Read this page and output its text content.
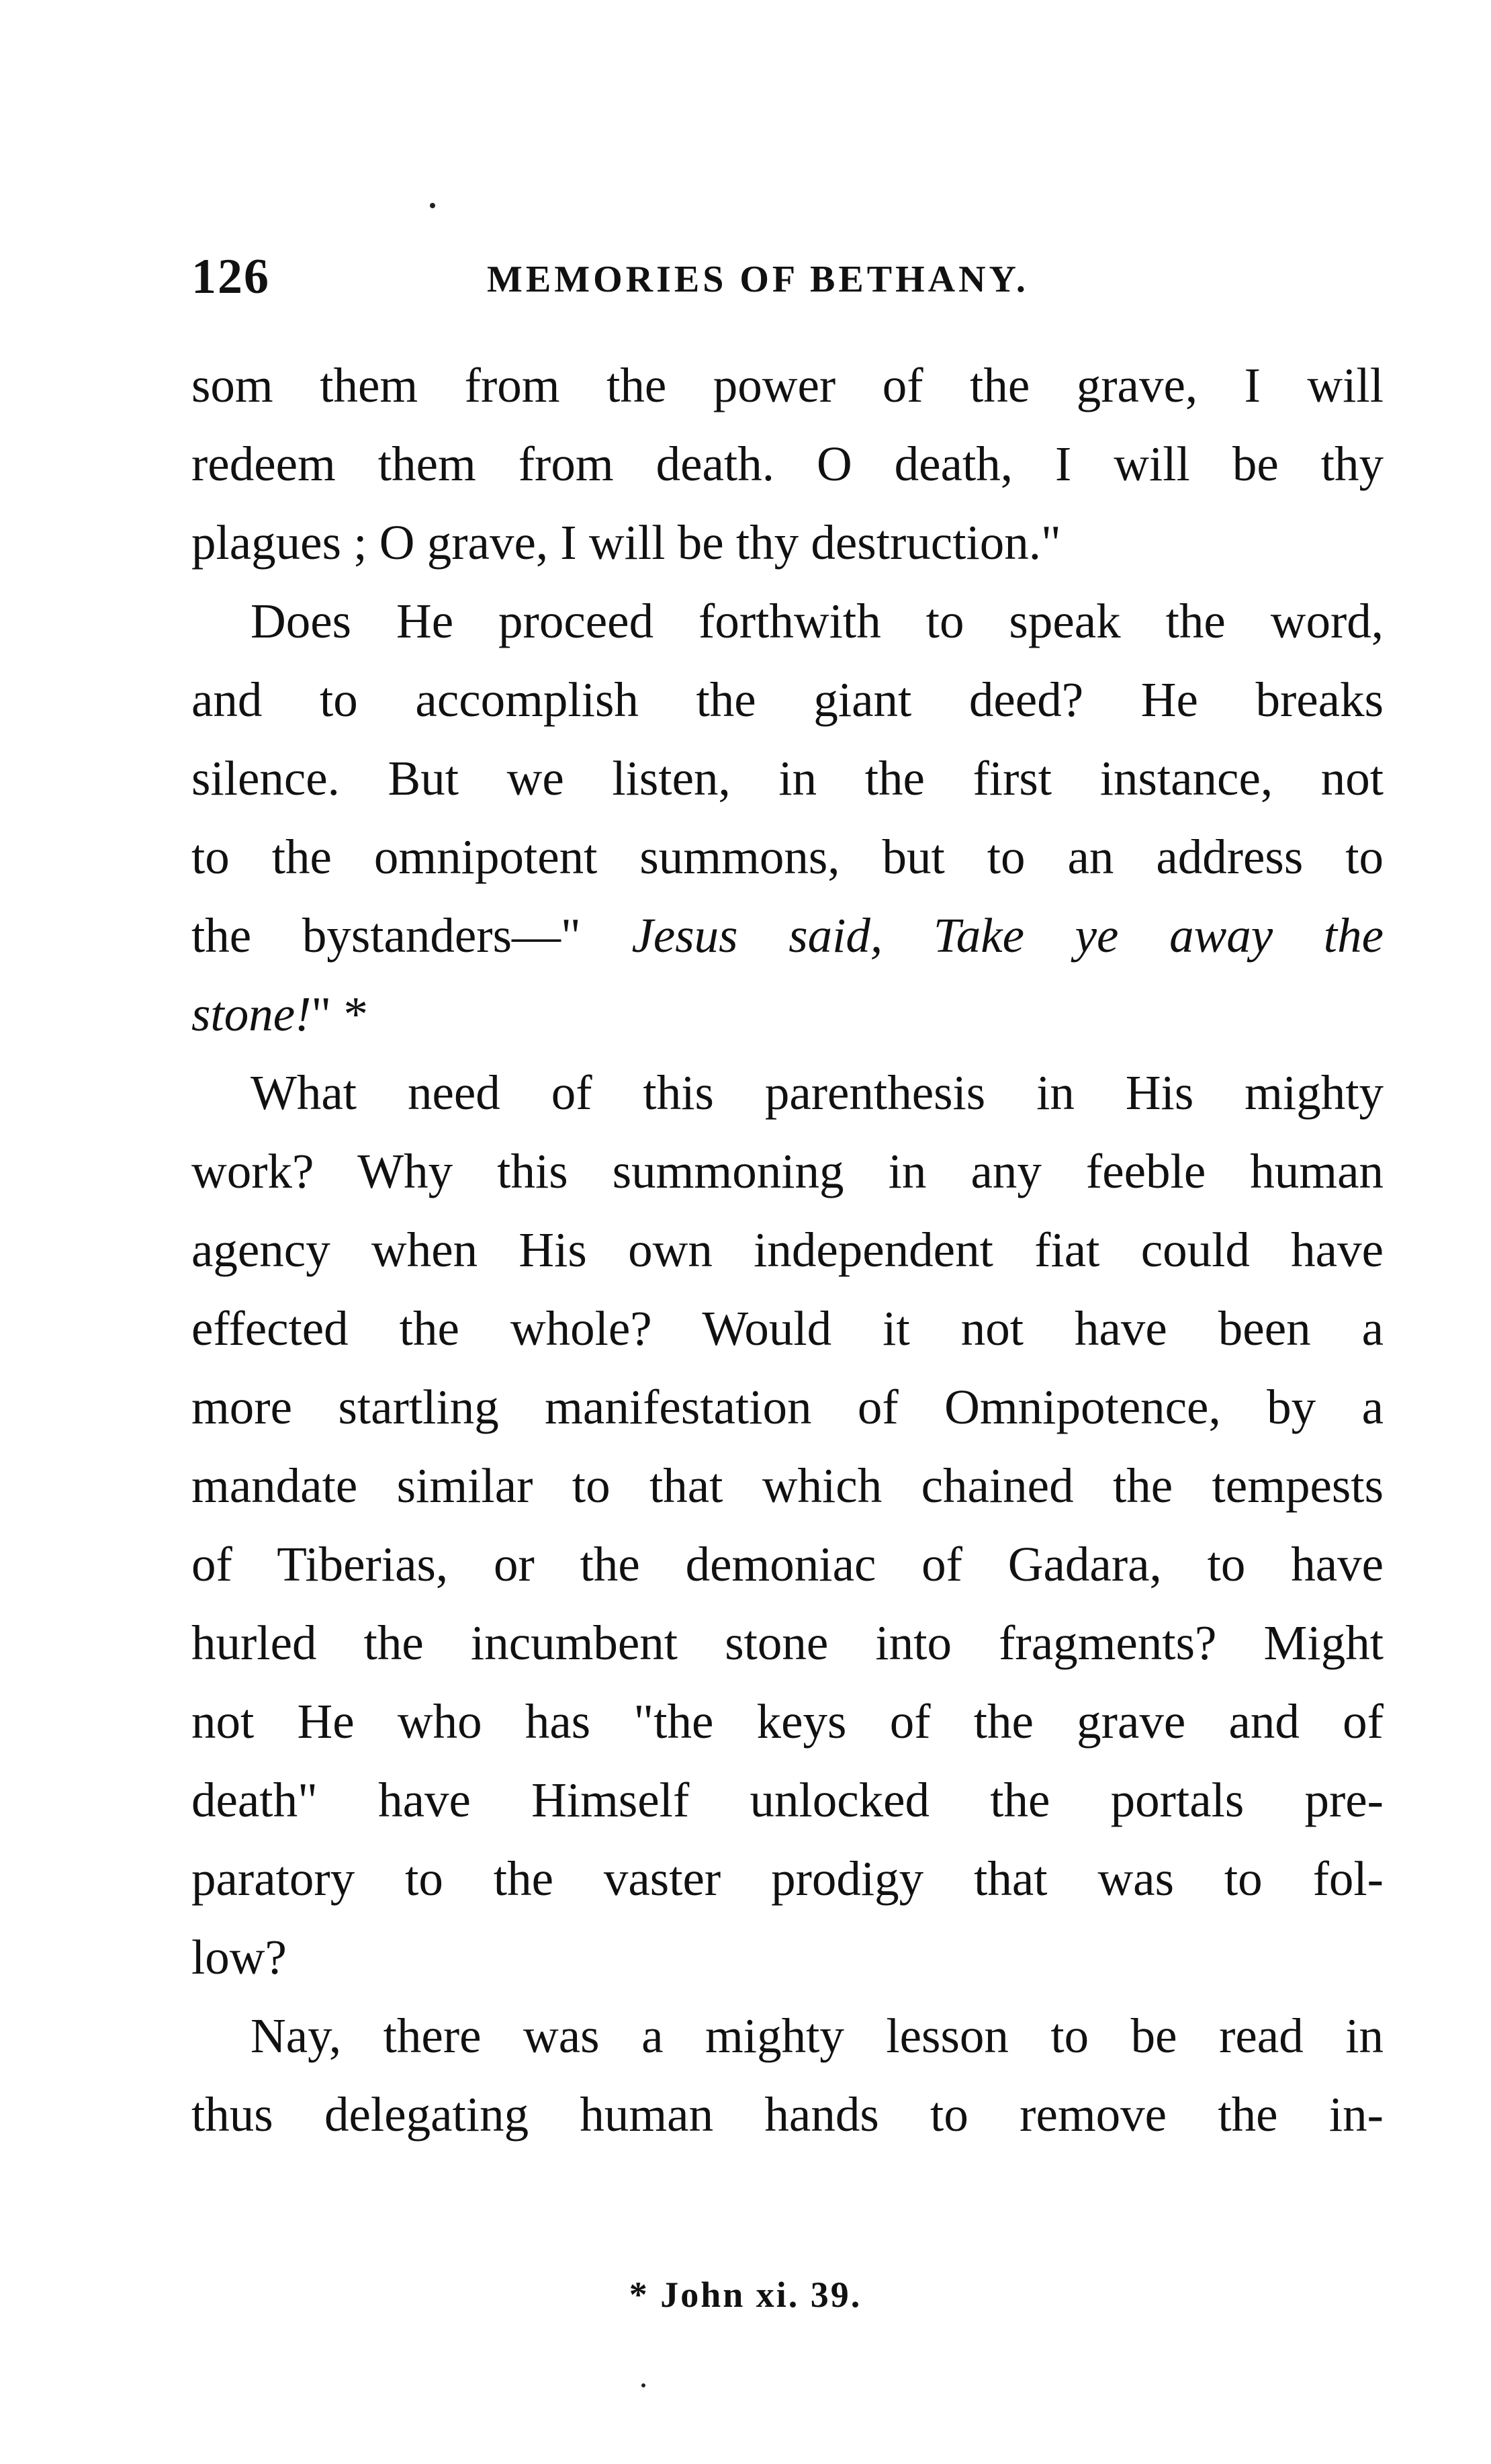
126	MEMORIES OF BETHANY.
som them from the power of the grave, I will
redeem them from death. O death, I will be thy
plagues ; O grave, I will be thy destruction."
Does He proceed forthwith to speak the word,
and to accomplish the giant deed? He breaks
silence. But we listen, in the first instance, not
to the omnipotent summons, but to an address to
the bystanders—" Jesus said, Take ye away the
stone!" *
What need of this parenthesis in His mighty
work? Why this summoning in any feeble human
agency when His own independent fiat could have
effected the whole? Would it not have been a
more startling manifestation of Omnipotence, by a
mandate similar to that which chained the tempests
of Tiberias, or the demoniac of Gadara, to have
hurled the incumbent stone into fragments? Might
not He who has "the keys of the grave and of
death" have Himself unlocked the portals pre-
paratory to the vaster prodigy that was to fol-
low?
Nay, there was a mighty lesson to be read in
thus delegating human hands to remove the in-
* John xi. 39.
